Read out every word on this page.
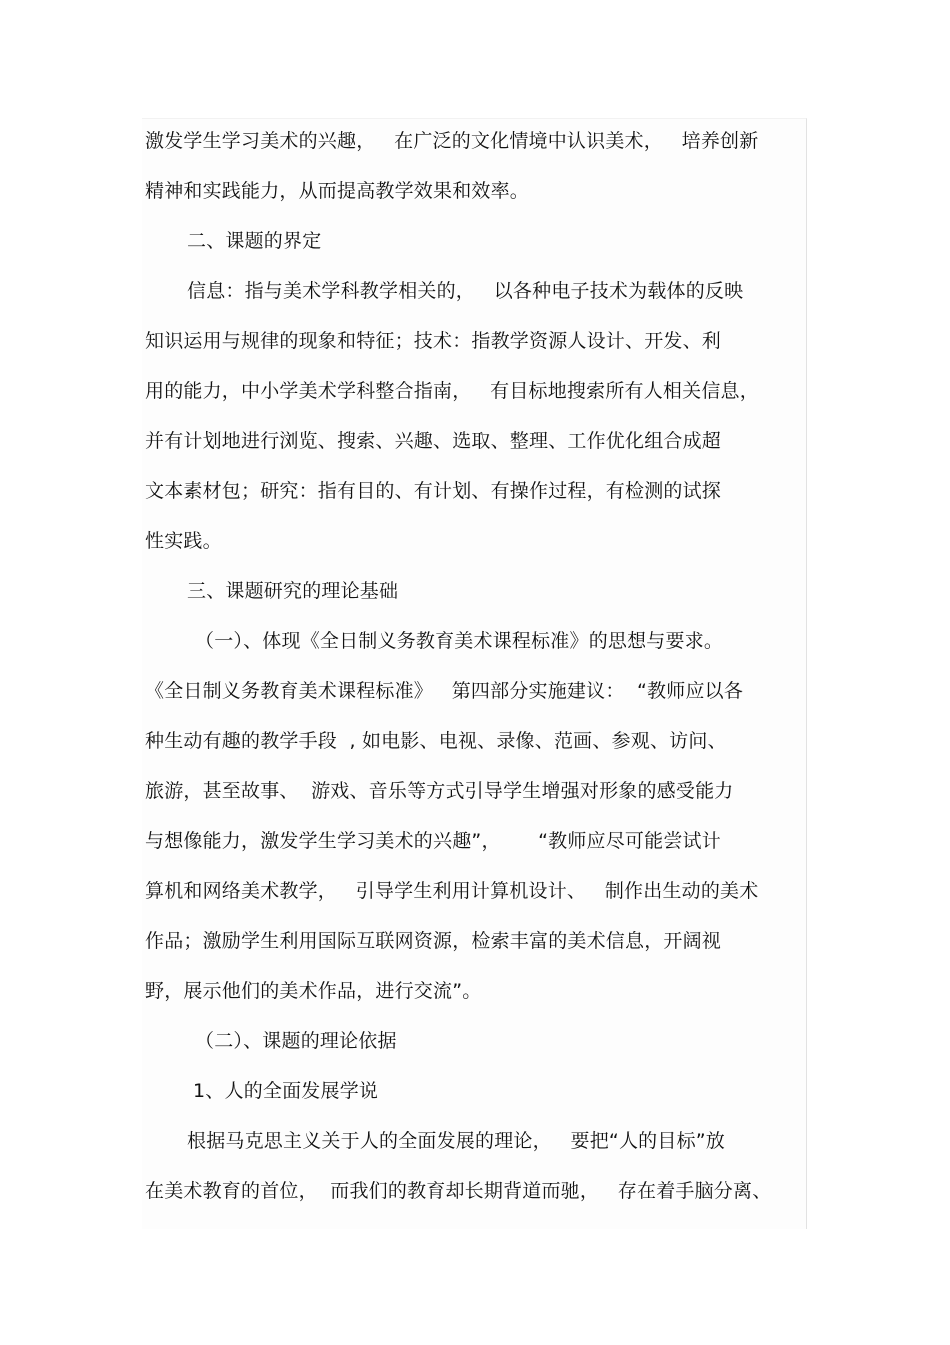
激发学生学习美术的兴趣，   在广泛的文化情境中认识美术，   培养创新
精神和实践能力，从而提高教学效果和效率。
二、课题的界定
信息：指与美术学科教学相关的，   以各种电子技术为载体的反映
知识运用与规律的现象和特征；技术：指教学资源人设计、开发、利
用的能力，中小学美术学科整合指南，   有目标地搜索所有人相关信息，
并有计划地进行浏览、搜索、兴趣、选取、整理、工作优化组合成超
文本素材包；研究：指有目的、有计划、有操作过程，有检测的试探
性实践。
三、课题研究的理论基础
（一）、体现《全日制义务教育美术课程标准》的思想与要求。
《全日制义务教育美术课程标准》   第四部分实施建议：  “教师应以各
种生动有趣的教学手段  , 如电影、电视、录像、范画、参观、访问、
旅游，甚至故事、  游戏、音乐等方式引导学生增强对形象的感受能力
与想像能力，激发学生学习美术的兴趣”，      “教师应尽可能尝试计
算机和网络美术教学，   引导学生利用计算机设计、   制作出生动的美术
作品；激励学生利用国际互联网资源，检索丰富的美术信息，开阔视
野，展示他们的美术作品，进行交流”。
（二）、课题的理论依据
1、人的全面发展学说
根据马克思主义关于人的全面发展的理论，   要把“人的目标”放
在美术教育的首位，  而我们的教育却长期背道而驰，   存在着手脑分离、
